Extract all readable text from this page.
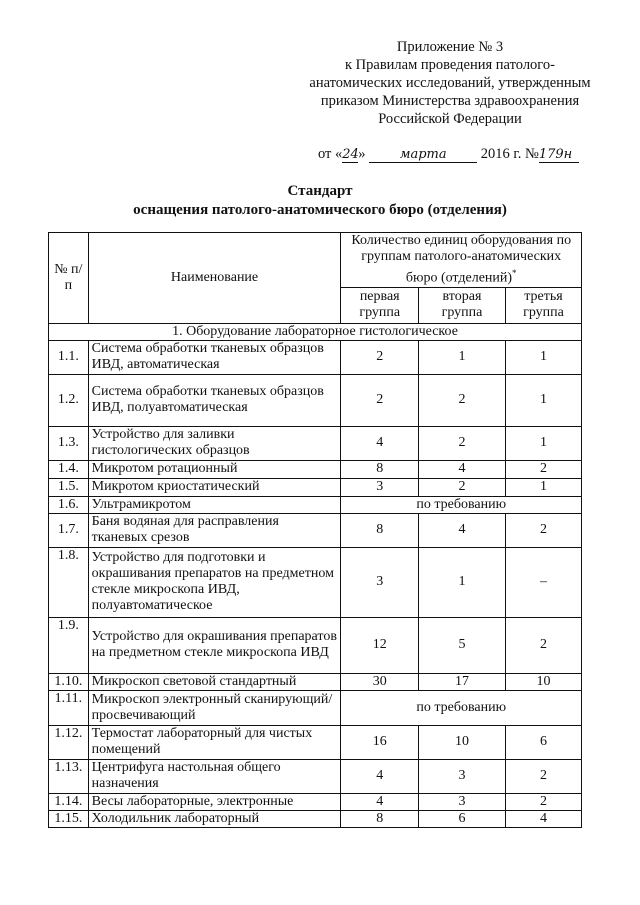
Приложение № 3
к Правилам проведения патолого-
анатомических исследований, утвержденным
приказом Министерства здравоохранения
Российской Федерации
от «24»	марта 2016 г. №179н
Стандарт
оснащения патолого-анатомического бюро (отделения)
№ п/п	Наименование	Количество единиц оборудования по группам патолого-анатомических бюро (отделений)*
		первая группа	вторая группа	третья группа
1. Оборудование лабораторное гистологическое				
1.1.	Система обработки тканевых образцов ИВД, автоматическая	2	1	1
1.2.	Система обработки тканевых образцов ИВД, полуавтоматическая	2	2	1
1.3.	Устройство для заливки гистологических образцов	4	2	1
1.4.	Микротом ротационный	8	4	2
1.5.	Микротом криостатический	3	2	1
1.6.	Ультрамикротом	по требованию		
1.7.	Баня водяная для расправления тканевых срезов	8	4	2
1.8.	Устройство для подготовки и окрашивания препаратов на предметном стекле микроскопа ИВД, полуавтоматическое	3	1	–
1.9.	Устройство для окрашивания препаратов на предметном стекле микроскопа ИВД	12	5	2
1.10.	Микроскоп световой стандартный	30	17	10
1.11.	Микроскоп электронный сканирующий/просвечивающий	по требованию		
1.12.	Термостат лабораторный для чистых помещений	16	10	6
1.13.	Центрифуга настольная общего назначения	4	3	2
1.14.	Весы лабораторные, электронные	4	3	2
1.15.	Холодильник лабораторный	8	6	4
